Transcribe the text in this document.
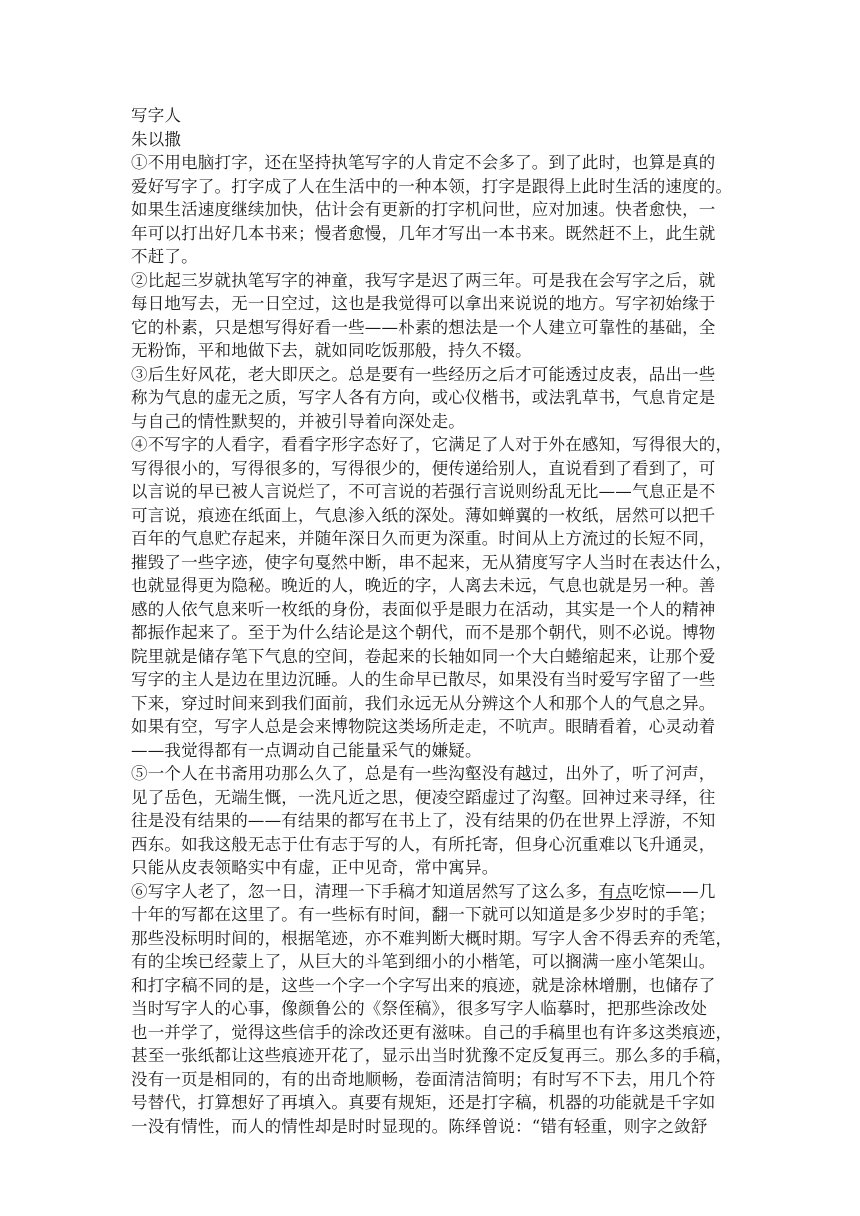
写字人
朱以撒
①不用电脑打字，还在坚持执笔写字的人肯定不会多了。到了此时，也算是真的
爱好写字了。打字成了人在生活中的一种本领，打字是跟得上此时生活的速度的。
如果生活速度继续加快，估计会有更新的打字机问世，应对加速。快者愈快，一
年可以打出好几本书来；慢者愈慢，几年才写出一本书来。既然赶不上，此生就
不赶了。
②比起三岁就执笔写字的神童，我写字是迟了两三年。可是我在会写字之后，就
每日地写去，无一日空过，这也是我觉得可以拿出来说说的地方。写字初始缘于
它的朴素，只是想写得好看一些——朴素的想法是一个人建立可靠性的基础，全
无粉饰，平和地做下去，就如同吃饭那般，持久不辍。
③后生好风花，老大即厌之。总是要有一些经历之后才可能透过皮表，品出一些
称为气息的虚无之质，写字人各有方向，或心仪楷书，或法乳草书，气息肯定是
与自己的情性默契的，并被引导着向深处走。
④不写字的人看字，看看字形字态好了，它满足了人对于外在感知，写得很大的，
写得很小的，写得很多的，写得很少的，便传递给别人，直说看到了看到了，可
以言说的早已被人言说烂了，不可言说的若强行言说则纷乱无比——气息正是不
可言说，痕迹在纸面上，气息渗入纸的深处。薄如蝉翼的一枚纸，居然可以把千
百年的气息贮存起来，并随年深日久而更为深重。时间从上方流过的长短不同，
摧毁了一些字迹，使字句戛然中断，串不起来，无从猜度写字人当时在表达什么，
也就显得更为隐秘。晚近的人，晚近的字，人离去未远，气息也就是另一种。善
感的人依气息来听一枚纸的身份，表面似乎是眼力在活动，其实是一个人的精神
都振作起来了。至于为什么结论是这个朝代，而不是那个朝代，则不必说。博物
院里就是储存笔下气息的空间，卷起来的长轴如同一个大白蜷缩起来，让那个爱
写字的主人是边在里边沉睡。人的生命早已散尽，如果没有当时爱写字留了一些
下来，穿过时间来到我们面前，我们永远无从分辨这个人和那个人的气息之异。
如果有空，写字人总是会来博物院这类场所走走，不吭声。眼睛看着，心灵动着
——我觉得都有一点调动自己能量采气的嫌疑。
⑤一个人在书斋用功那么久了，总是有一些沟壑没有越过，出外了，听了河声，
见了岳色，无端生慨，一洗凡近之思，便凌空蹈虚过了沟壑。回神过来寻绎，往
往是没有结果的——有结果的都写在书上了，没有结果的仍在世界上浮游，不知
西东。如我这般无志于仕有志于写的人，有所托寄，但身心沉重难以飞升通灵，
只能从皮表领略实中有虚，正中见奇，常中寓异。
⑥写字人老了，忽一日，清理一下手稿才知道居然写了这么多，有点吃惊——几
十年的写都在这里了。有一些标有时间，翻一下就可以知道是多少岁时的手笔；
那些没标明时间的，根据笔迹，亦不难判断大概时期。写字人舍不得丢弃的秃笔，
有的尘埃已经蒙上了，从巨大的斗笔到细小的小楷笔，可以搁满一座小笔架山。
和打字稿不同的是，这些一个字一个字写出来的痕迹，就是涂林增删，也储存了
当时写字人的心事，像颜鲁公的《祭侄稿》，很多写字人临摹时，把那些涂改处
也一并学了，觉得这些信手的涂改还更有滋味。自己的手稿里也有许多这类痕迹，
甚至一张纸都让这些痕迹开花了，显示出当时犹豫不定反复再三。那么多的手稿，
没有一页是相同的，有的出奇地顺畅，卷面清洁简明；有时写不下去，用几个符
号替代，打算想好了再填入。真要有规矩，还是打字稿，机器的功能就是千字如
一没有情性，而人的情性却是时时显现的。陈绎曾说：“错有轻重，则字之敛舒
